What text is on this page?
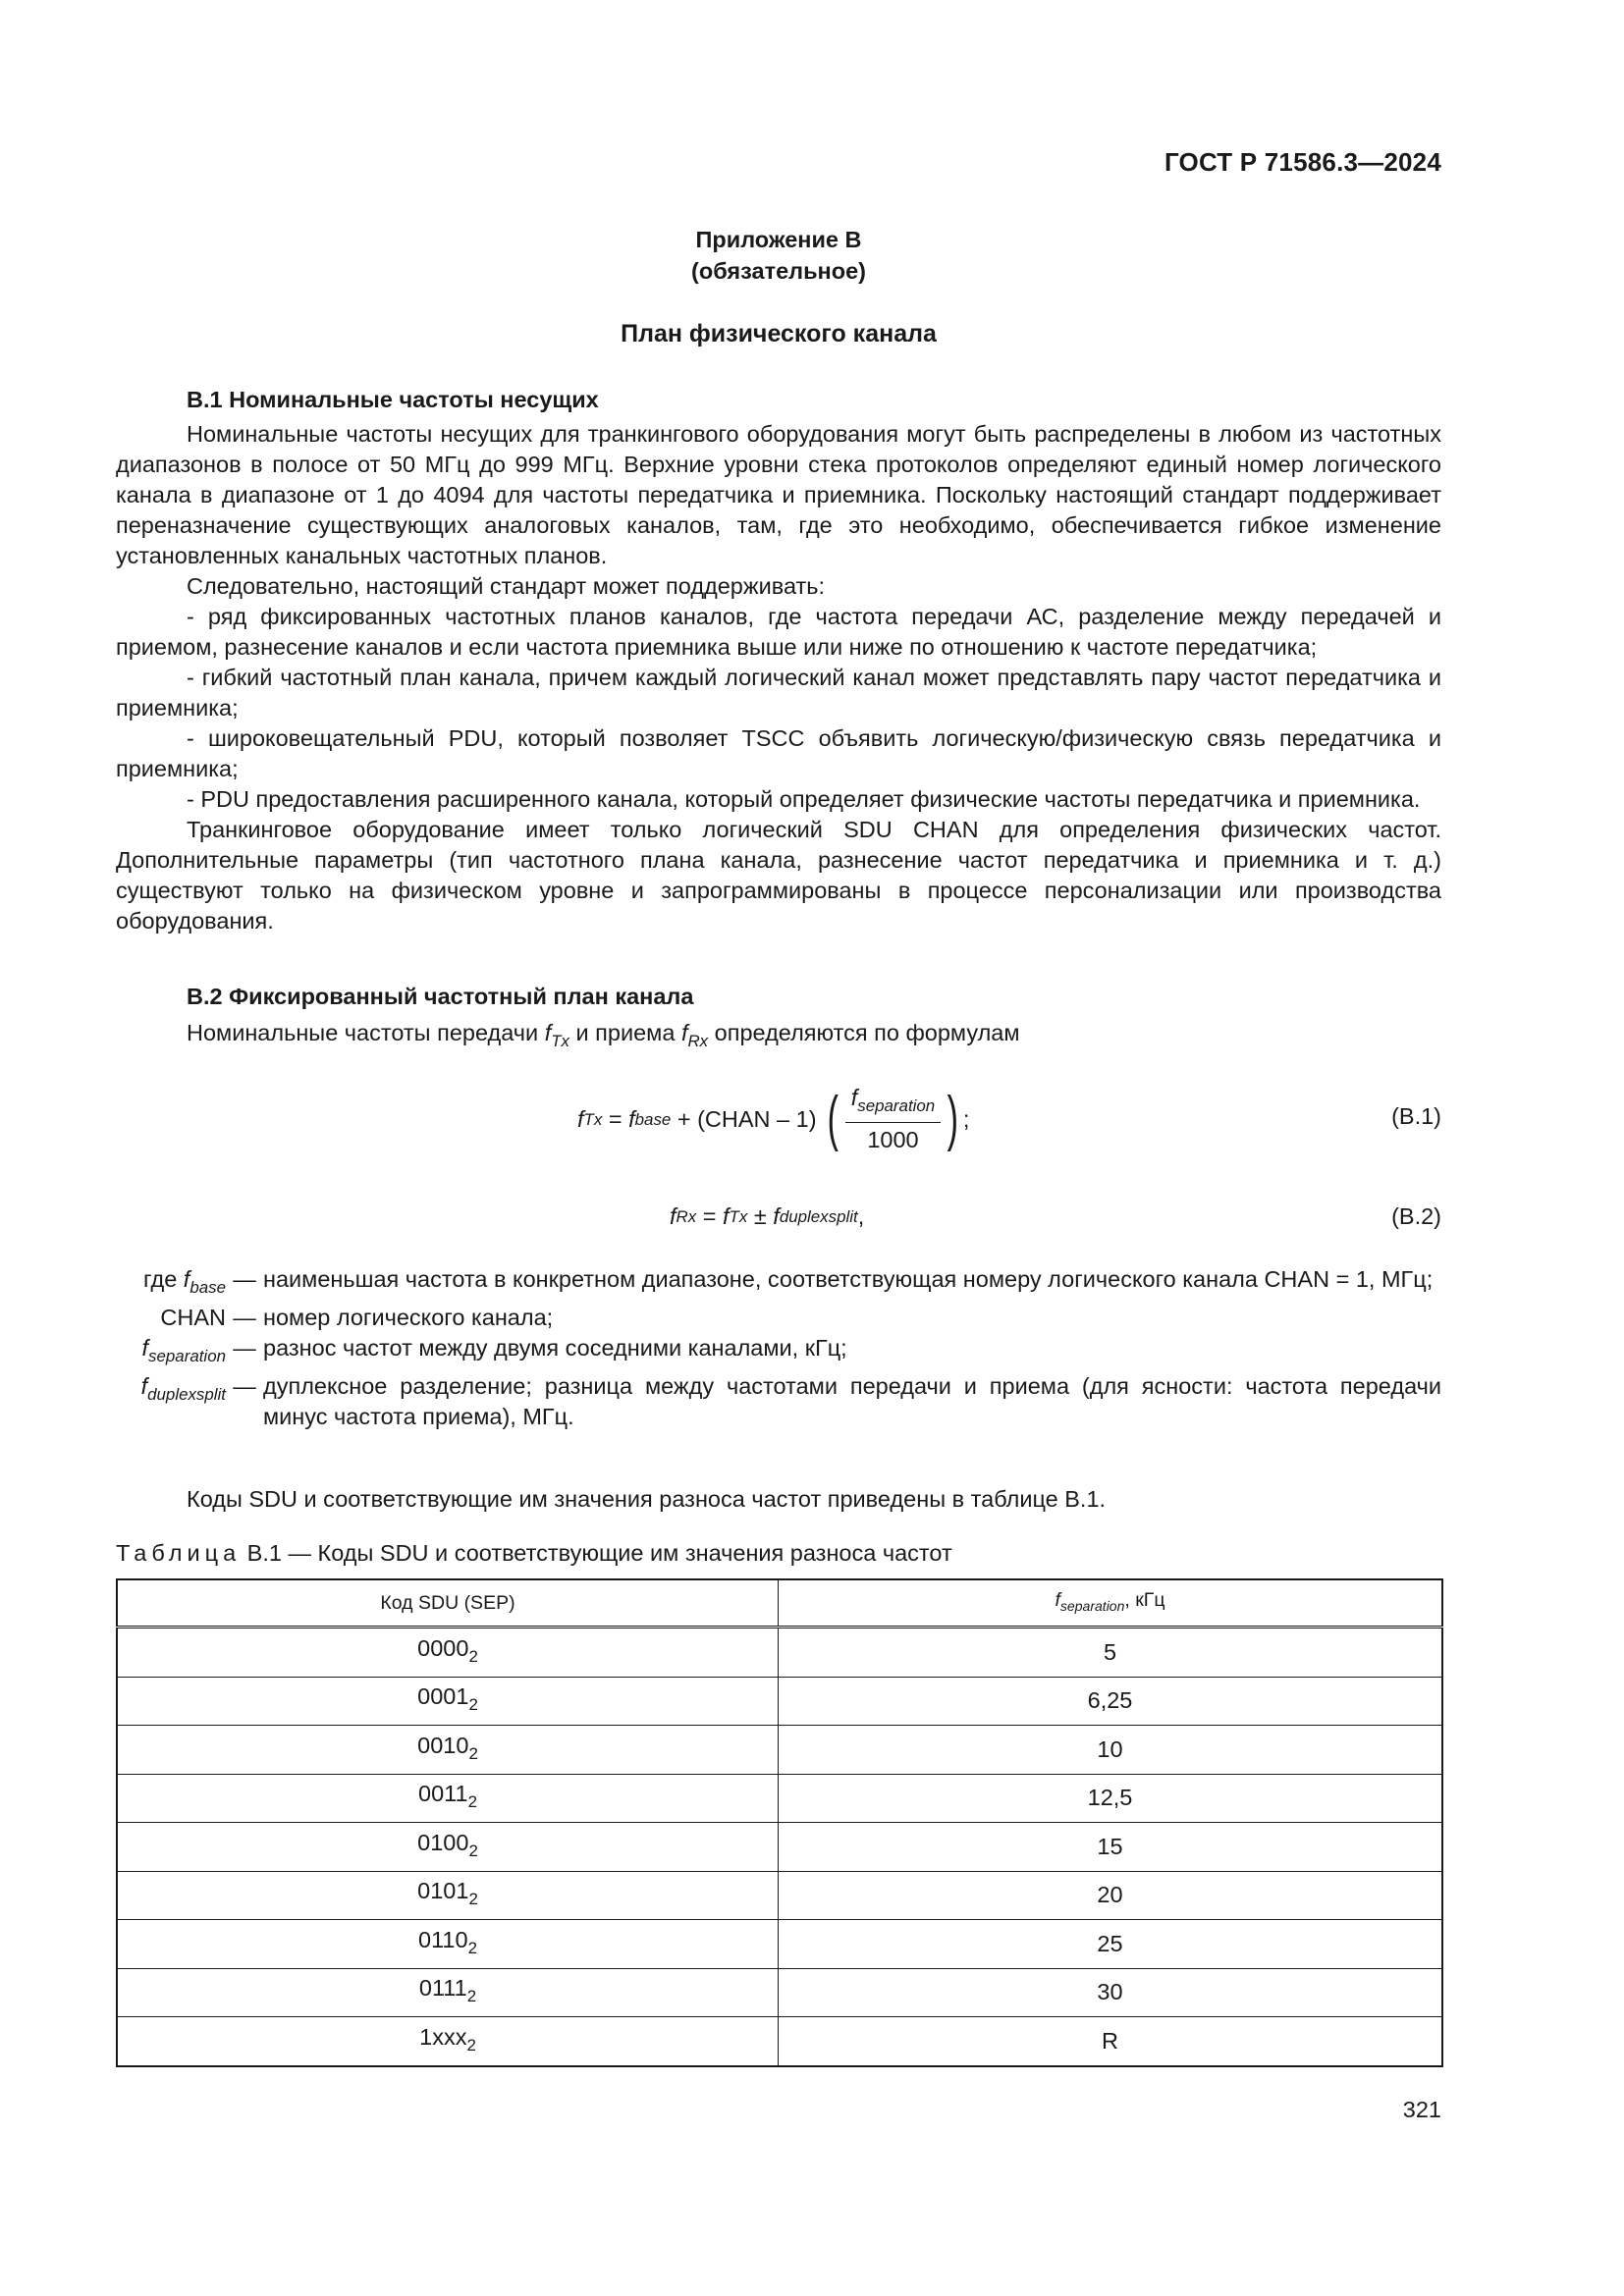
ГОСТ Р 71586.3—2024
Приложение В
(обязательное)
План физического канала

В.1 Номинальные частоты несущих

Номинальные частоты несущих для транкингового оборудования могут быть распределены в любом из частотных диапазонов в полосе от 50 МГц до 999 МГц. Верхние уровни стека протоколов определяют единый номер логического канала в диапазоне от 1 до 4094 для частоты передатчика и приемника. Поскольку настоящий стандарт поддерживает переназначение существующих аналоговых каналов, там, где это необходимо, обеспечивается гибкое изменение установленных канальных частотных планов.

Следовательно, настоящий стандарт может поддерживать:

- ряд фиксированных частотных планов каналов, где частота передачи АС, разделение между передачей и приемом, разнесение каналов и если частота приемника выше или ниже по отношению к частоте передатчика;

- гибкий частотный план канала, причем каждый логический канал может представлять пару частот передатчика и приемника;

- широковещательный PDU, который позволяет TSCC объявить логическую/физическую связь передатчика и приемника;

- PDU предоставления расширенного канала, который определяет физические частоты передатчика и приемника.

Транкинговое оборудование имеет только логический SDU CHAN для определения физических частот. Дополнительные параметры (тип частотного плана канала, разнесение частот передатчика и приемника и т. д.) существуют только на физическом уровне и запрограммированы в процессе персонализации или производства оборудования.

В.2 Фиксированный частотный план канала

Номинальные частоты передачи $f_{Tx}$ и приема $f_{Rx}$ определяются по формулам

f Tx = f base + (CHAN – 1) ( $\frac{f_{separation}}{1000}$ ) ;	(В.1)
f Rx = f Tx ± f duplexsplit ,	(В.2)
где $f_{base}$ — наименьшая частота в конкретном диапазоне, соответствующая номеру логического канала CHAN = 1, МГц;
CHAN — номер логического канала;
$f_{separation}$ — разнос частот между двумя соседними каналами, кГц;
$f_{duplexsplit}$ — дуплексное разделение; разница между частотами передачи и приема (для ясности: частота передачи минус частота приема), МГц.
Коды SDU и соответствующие им значения разноса частот приведены в таблице В.1.
Таблица В.1 — Коды SDU и соответствующие им значения разноса частот
Код SDU (SEP)	$f_{separation}$, кГц
$0000_2$	5
$0001_2$	6,25
$0010_2$	10
$0011_2$	12,5
$0100_2$	15
$0101_2$	20
$0110_2$	25
$0111_2$	30
1xxx$_2$	R
321
